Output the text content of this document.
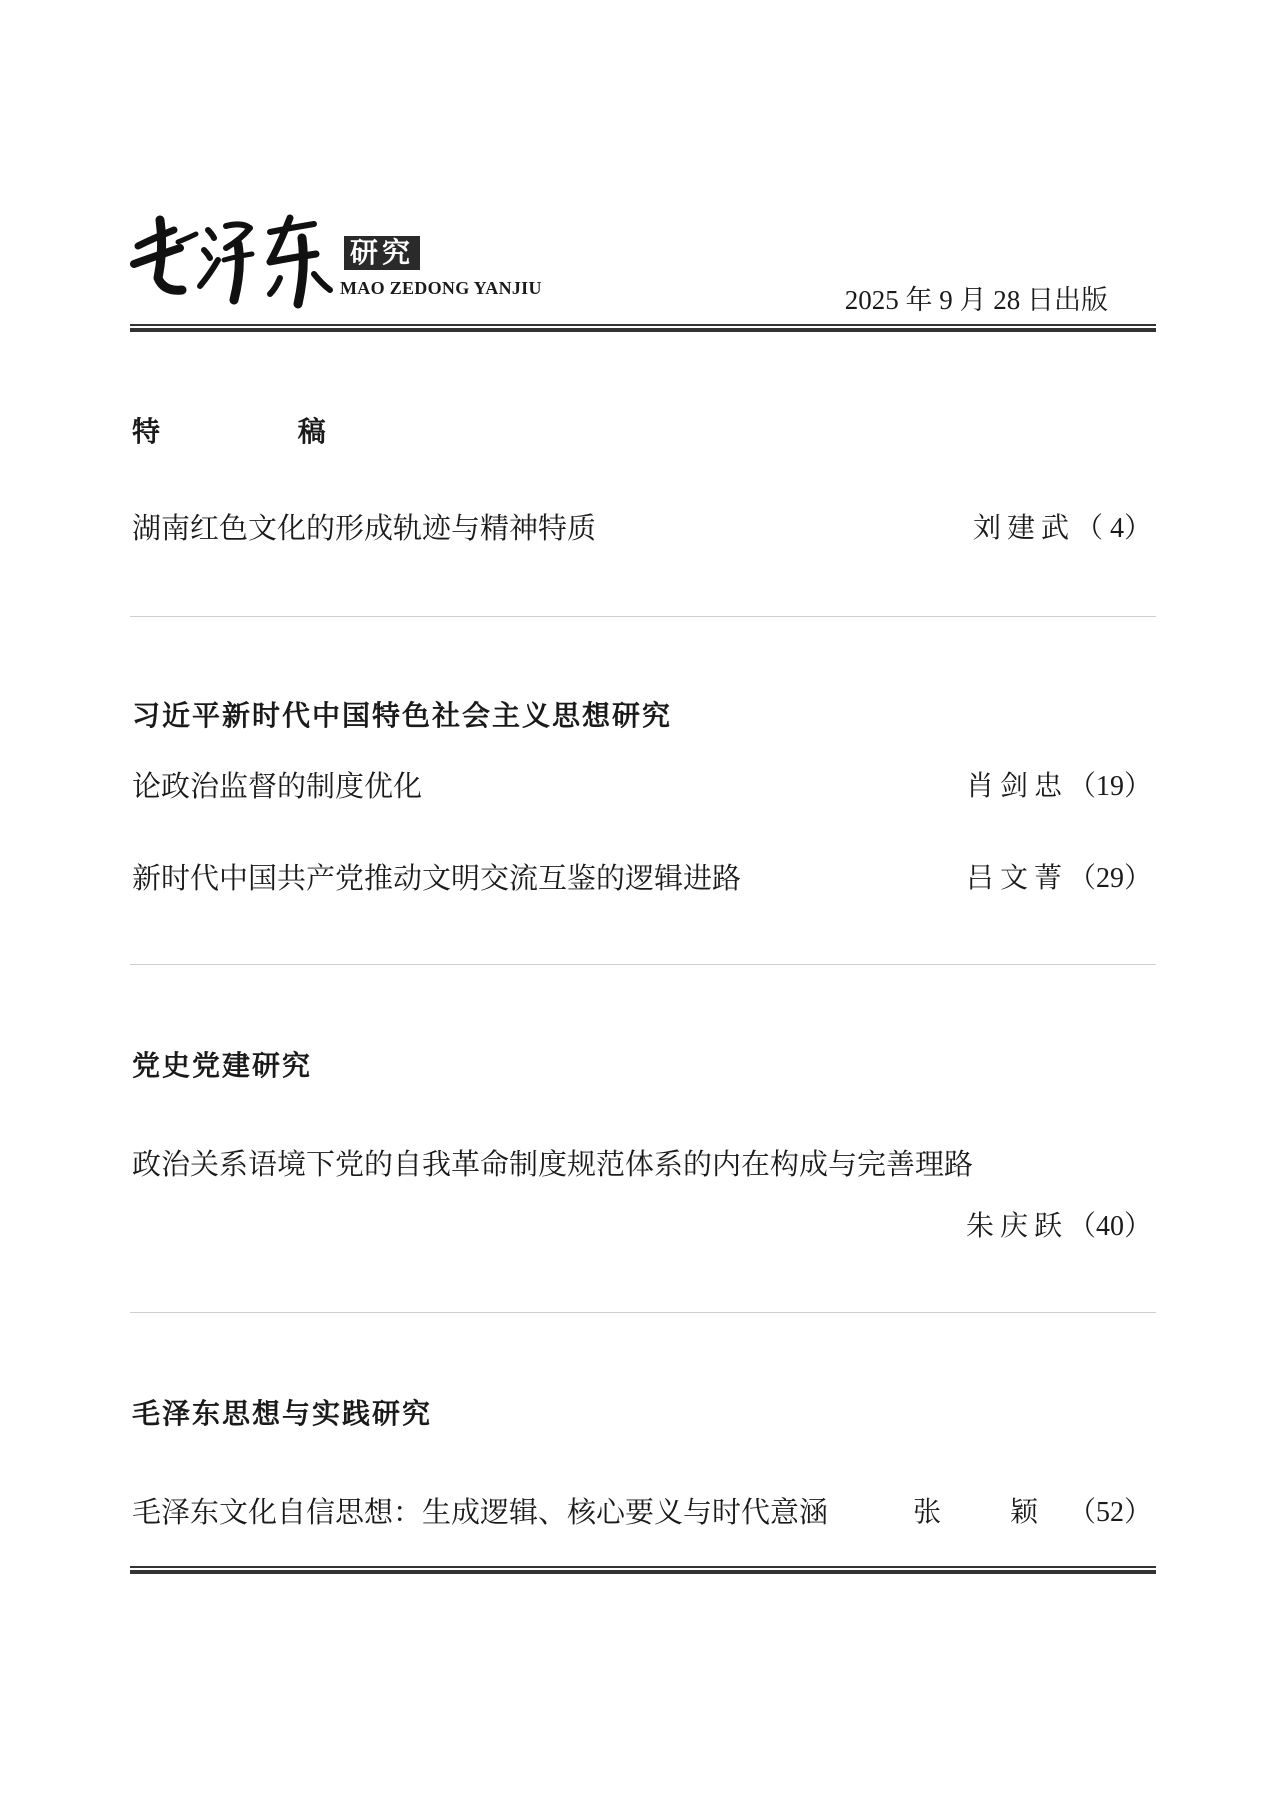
研究
MAO ZEDONG YANJIU	2025 年 9 月 28 日出版
特 稿
湖南红色文化的形成轨迹与精神特质	刘建武（ 4）
习近平新时代中国特色社会主义思想研究
论政治监督的制度优化	肖剑忠（19）
新时代中国共产党推动文明交流互鉴的逻辑进路	吕文菁（29）
党史党建研究
政治关系语境下党的自我革命制度规范体系的内在构成与完善理路
朱庆跃（40）
毛泽东思想与实践研究
毛泽东文化自信思想：生成逻辑、核心要义与时代意涵	张 颖（52）
